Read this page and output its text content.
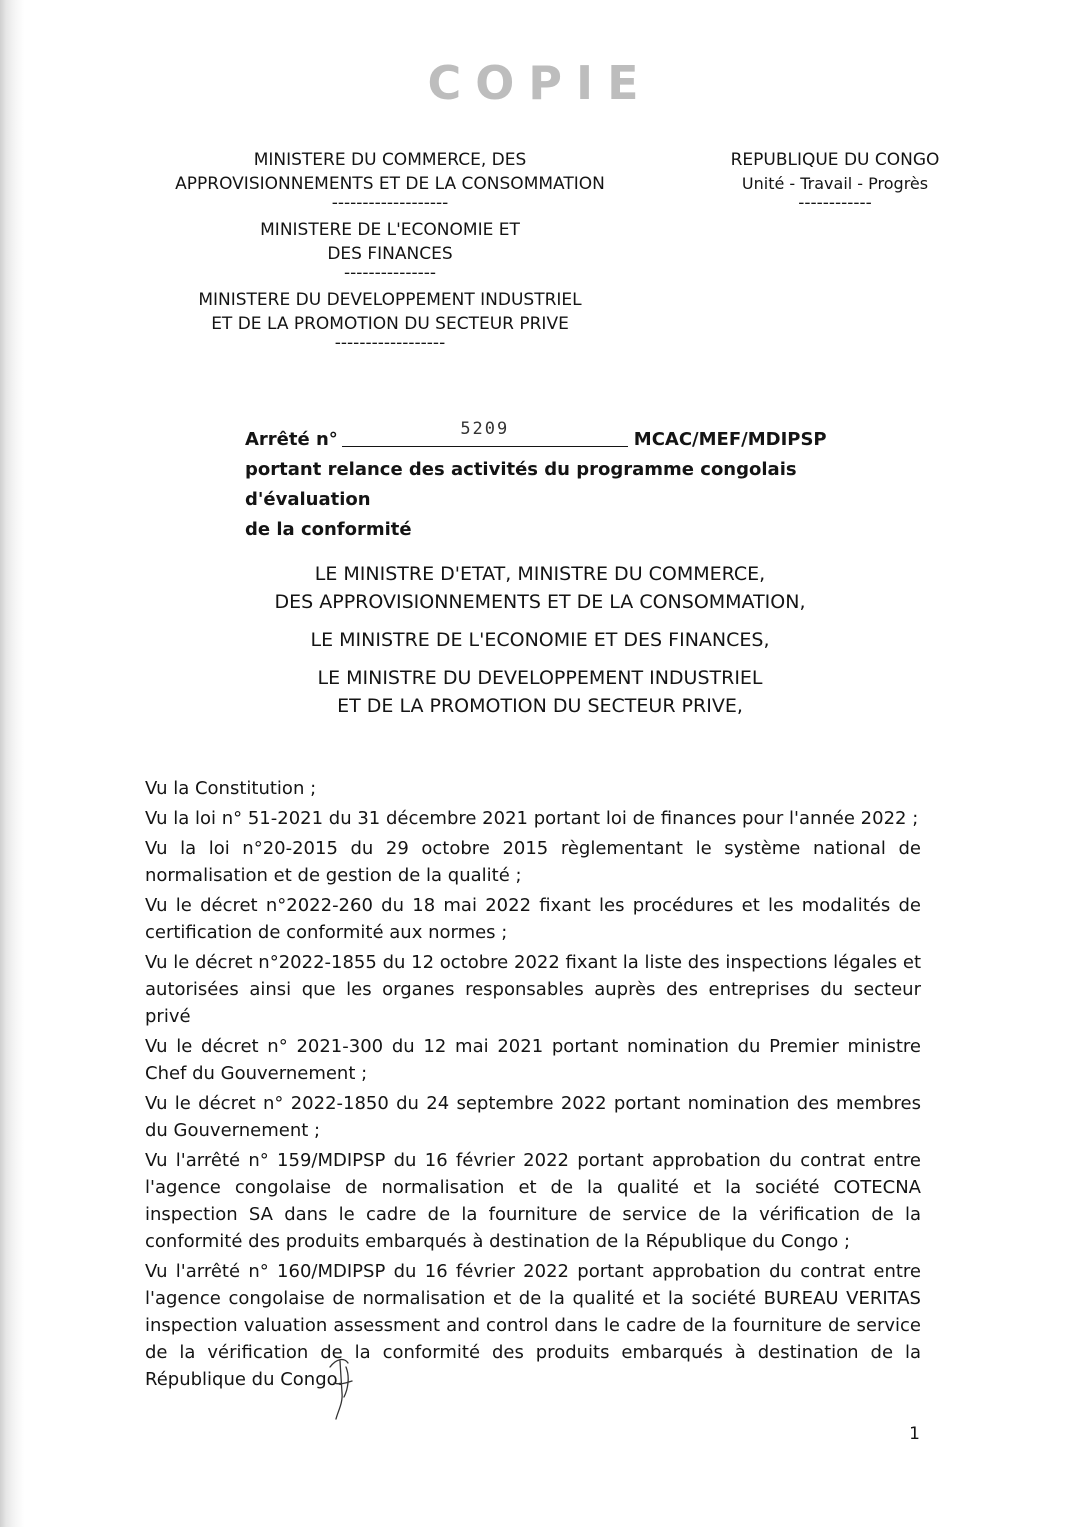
COPIE
MINISTERE DU COMMERCE, DES
APPROVISIONNEMENTS ET DE LA CONSOMMATION
-------------------
MINISTERE DE L'ECONOMIE ET
DES FINANCES
---------------
MINISTERE DU DEVELOPPEMENT INDUSTRIEL
ET DE LA PROMOTION DU SECTEUR PRIVE
------------------
REPUBLIQUE DU CONGO
Unité - Travail - Progrès
------------
Arrêté n°	5209	MCAC/MEF/MDIPSP
portant relance des activités du programme congolais d'évaluation
de la conformité
LE MINISTRE D'ETAT, MINISTRE DU COMMERCE,
DES APPROVISIONNEMENTS ET DE LA CONSOMMATION,
LE MINISTRE DE L'ECONOMIE ET DES FINANCES,
LE MINISTRE DU DEVELOPPEMENT INDUSTRIEL
ET DE LA PROMOTION DU SECTEUR PRIVE,

Vu la Constitution ;

Vu la loi n° 51-2021 du 31 décembre 2021 portant loi de finances pour l'année 2022 ;

Vu la loi n°20-2015 du 29 octobre 2015 règlementant le système national de normalisation et de gestion de la qualité ;

Vu le décret n°2022-260 du 18 mai 2022 fixant les procédures et les modalités de certification de conformité aux normes ;

Vu le décret n°2022-1855 du 12 octobre 2022 fixant la liste des inspections légales et autorisées ainsi que les organes responsables auprès des entreprises du secteur privé

Vu le décret n° 2021-300 du 12 mai 2021 portant nomination du Premier ministre Chef du Gouvernement ;

Vu le décret n° 2022-1850 du 24 septembre 2022 portant nomination des membres du Gouvernement ;

Vu l'arrêté n° 159/MDIPSP du 16 février 2022 portant approbation du contrat entre l'agence congolaise de normalisation et de la qualité et la société COTECNA inspection SA dans le cadre de la fourniture de service de la vérification de la conformité des produits embarqués à destination de la République du Congo ;

Vu l'arrêté n° 160/MDIPSP du 16 février 2022 portant approbation du contrat entre l'agence congolaise de normalisation et de la qualité et la société BUREAU VERITAS inspection valuation assessment and control dans le cadre de la fourniture de service de la vérification de la conformité des produits embarqués à destination de la République du Congo.

1
